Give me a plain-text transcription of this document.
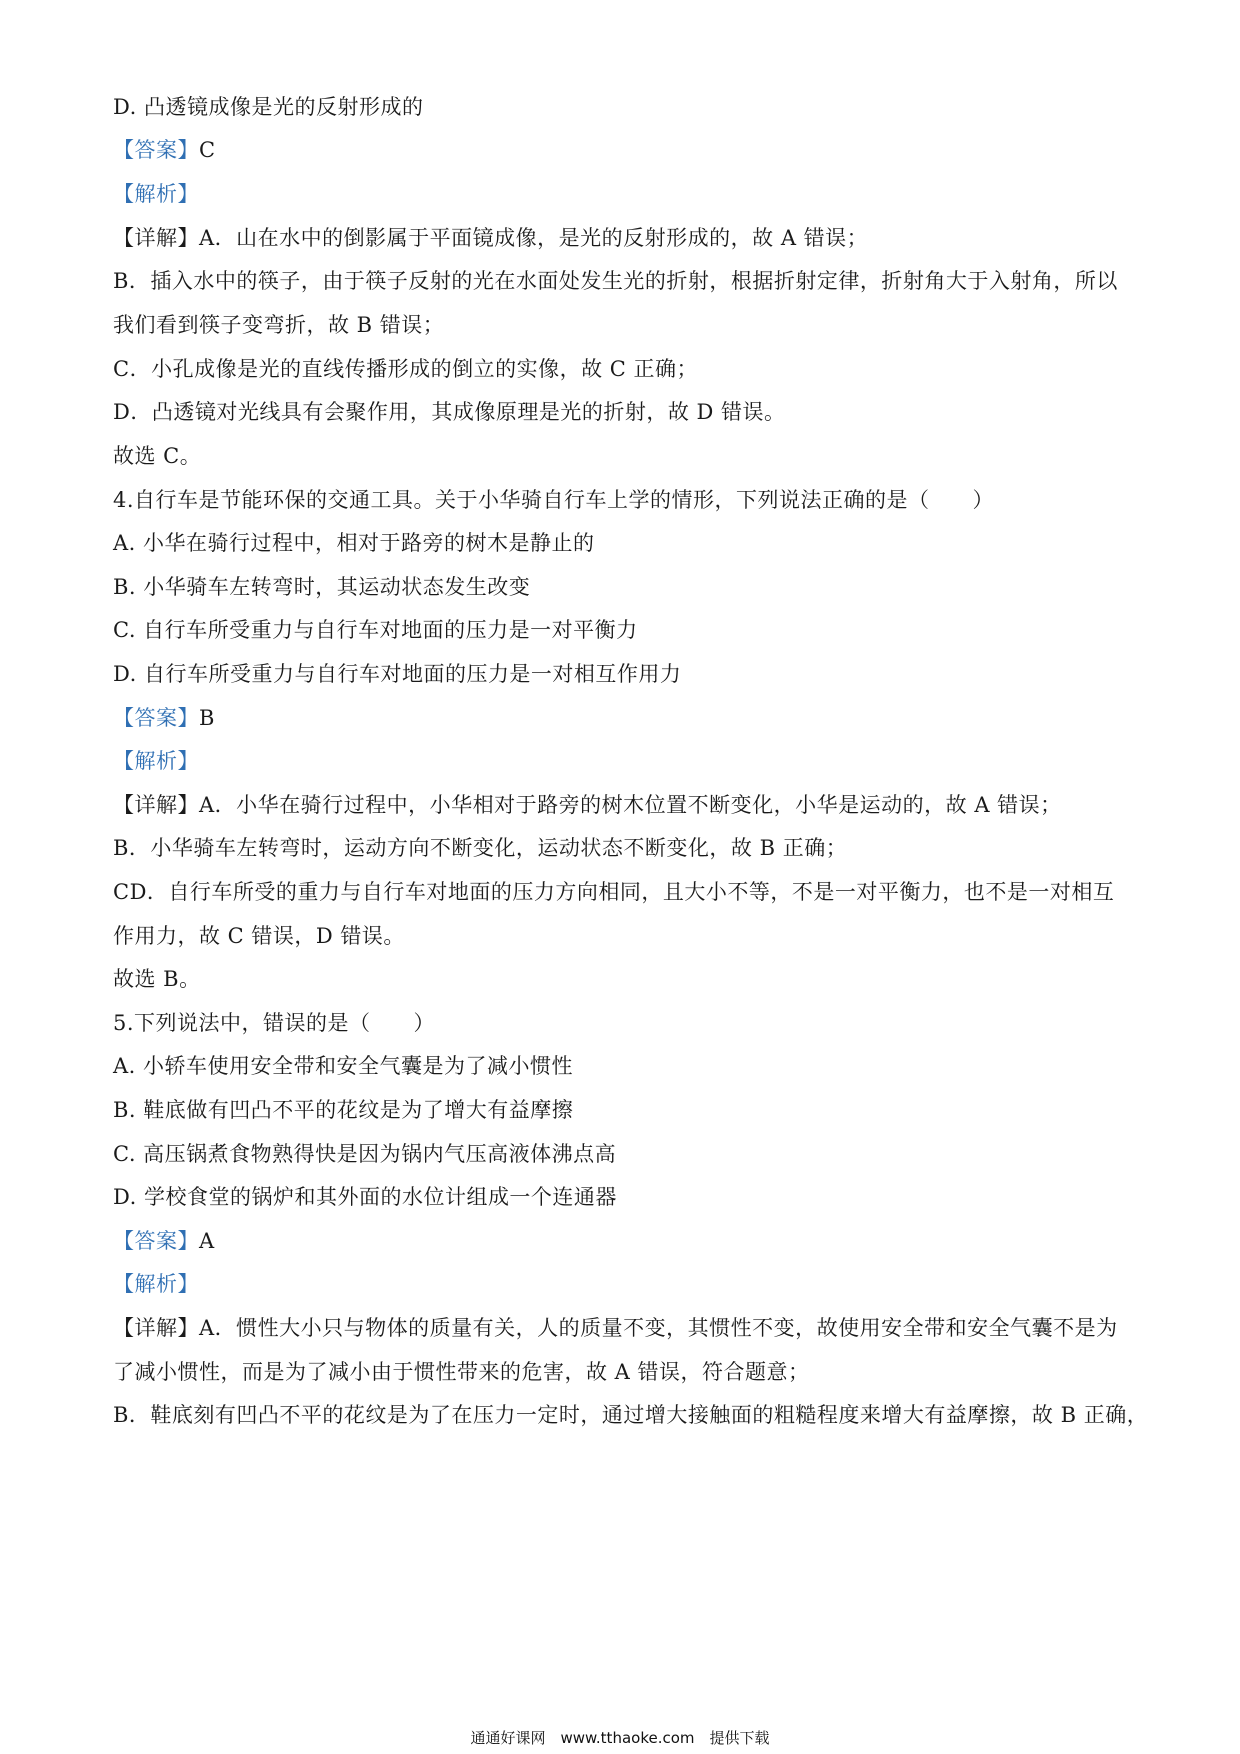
D. 凸透镜成像是光的反射形成的
【答案】C
【解析】
【详解】A．山在水中的倒影属于平面镜成像，是光的反射形成的，故 A 错误；
B．插入水中的筷子，由于筷子反射的光在水面处发生光的折射，根据折射定律，折射角大于入射角，所以
我们看到筷子变弯折，故 B 错误；
C．小孔成像是光的直线传播形成的倒立的实像，故 C 正确；
D．凸透镜对光线具有会聚作用，其成像原理是光的折射，故 D 错误。
故选 C。
4.自行车是节能环保的交通工具。关于小华骑自行车上学的情形，下列说法正确的是（　　）
A. 小华在骑行过程中，相对于路旁的树木是静止的
B. 小华骑车左转弯时，其运动状态发生改变
C. 自行车所受重力与自行车对地面的压力是一对平衡力
D. 自行车所受重力与自行车对地面的压力是一对相互作用力
【答案】B
【解析】
【详解】A．小华在骑行过程中，小华相对于路旁的树木位置不断变化，小华是运动的，故 A 错误；
B．小华骑车左转弯时，运动方向不断变化，运动状态不断变化，故 B 正确；
CD．自行车所受的重力与自行车对地面的压力方向相同，且大小不等，不是一对平衡力，也不是一对相互
作用力，故 C 错误，D 错误。
故选 B。
5.下列说法中，错误的是（　　）
A. 小轿车使用安全带和安全气囊是为了减小惯性
B. 鞋底做有凹凸不平的花纹是为了增大有益摩擦
C. 高压锅煮食物熟得快是因为锅内气压高液体沸点高
D. 学校食堂的锅炉和其外面的水位计组成一个连通器
【答案】A
【解析】
【详解】A．惯性大小只与物体的质量有关，人的质量不变，其惯性不变，故使用安全带和安全气囊不是为
了减小惯性，而是为了减小由于惯性带来的危害，故 A 错误，符合题意；
B．鞋底刻有凹凸不平的花纹是为了在压力一定时，通过增大接触面的粗糙程度来增大有益摩擦，故 B 正确，
通通好课网　www.tthaoke.com　提供下载
